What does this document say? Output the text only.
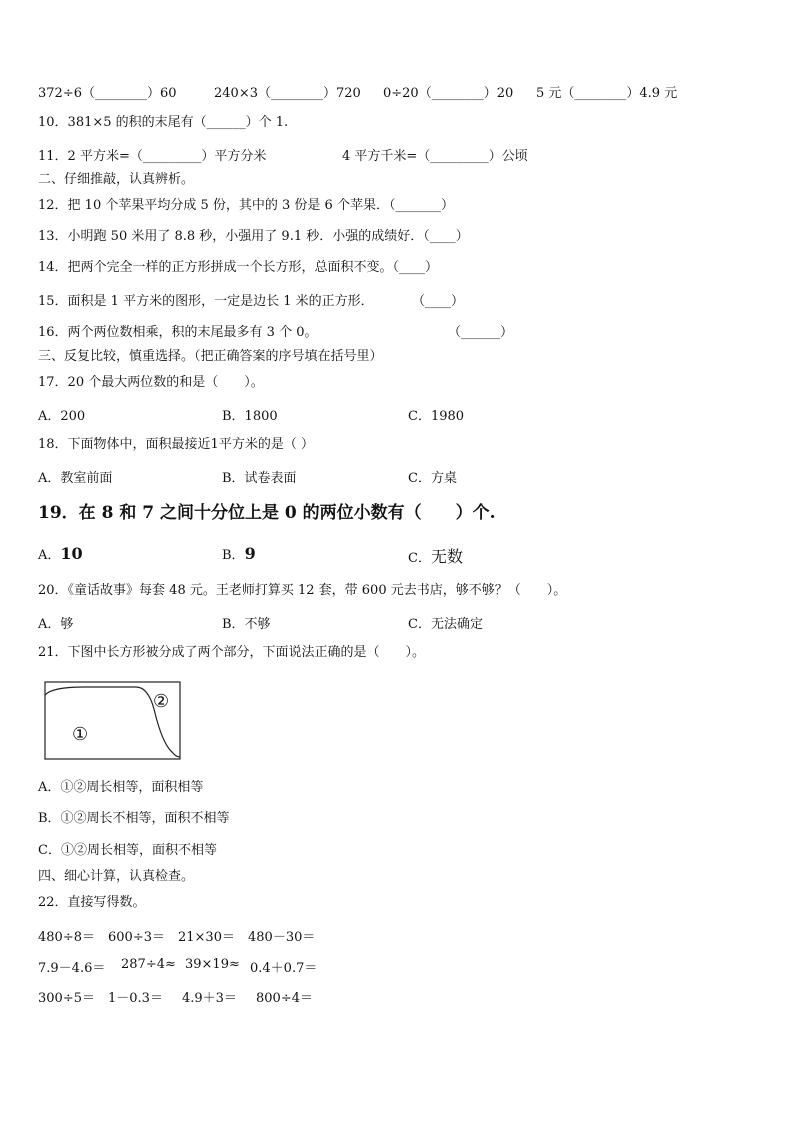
372÷6（________）60	240×3（________）720 0÷20（________）20 5 元（________）4.9 元
10．381×5 的积的末尾有（______）个 1.
11．2 平方米=（_________）平方分米	4 平方千米=（_________）公顷
二、仔细推敲，认真辨析。
12．把 10 个苹果平均分成 5 份，其中的 3 份是 6 个苹果．（_______）
13．小明跑 50 米用了 8.8 秒，小强用了 9.1 秒．小强的成绩好．（____）
14．把两个完全一样的正方形拼成一个长方形，总面积不变。（____）
15．面积是 1 平方米的图形，一定是边长 1 米的正方形．	（____）
16．两个两位数相乘，积的末尾最多有 3 个 0。	（______）
三、反复比较，慎重选择。（把正确答案的序号填在括号里）
17．20 个最大两位数的和是（　　）。
A．200	B．1800	C．1980
18．下面物体中，面积最接近1平方米的是（ ）
A．教室前面	B．试卷表面	C．方桌
19．在 8 和 7 之间十分位上是 0 的两位小数有（　　）个.
A．10	B．9	C．无数
20．《童话故事》每套 48 元。王老师打算买 12 套，带 600 元去书店，够不够？（　　）。
A．够	B．不够	C．无法确定
21．下图中长方形被分成了两个部分，下面说法正确的是（　　）。
①
②
A．①②周长相等，面积相等
B．①②周长不相等，面积不相等
C．①②周长相等，面积不相等
四、细心计算，认真检查。
22．直接写得数。
480÷8＝ 600÷3＝ 21×30＝ 480－30＝
7.9－4.6＝ 287÷4≈ 39×19≈ 0.4＋0.7＝
300÷5＝ 1－0.3＝ 4.9＋3＝ 800÷4＝
